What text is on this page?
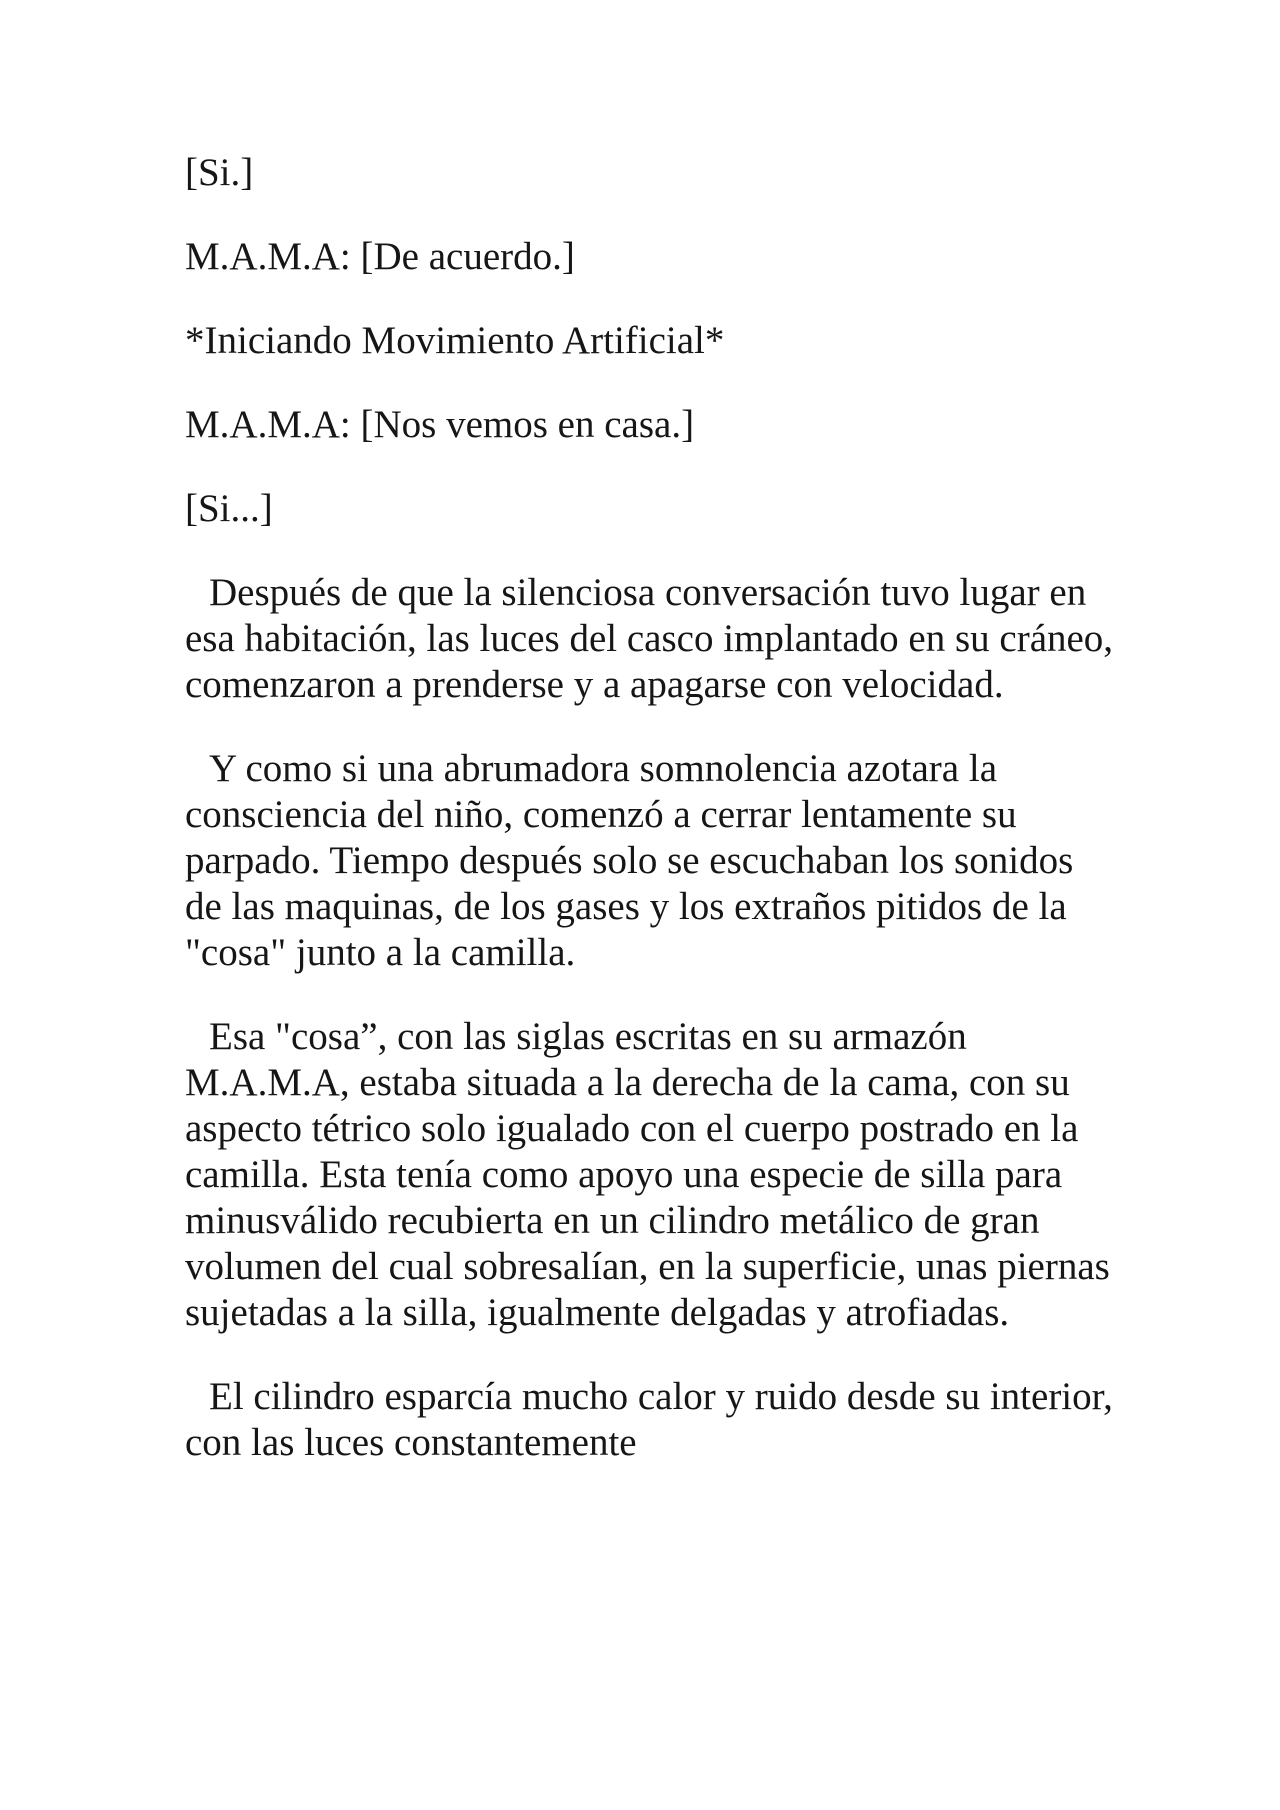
[Si.]

M.A.M.A: [De acuerdo.]

*Iniciando Movimiento Artificial*

M.A.M.A: [Nos vemos en casa.]

[Si...]

Después de que la silenciosa conversación tuvo lugar en esa habitación, las luces del casco implantado en su cráneo, comenzaron a prenderse y a apagarse con velocidad.

Y como si una abrumadora somnolencia azotara la consciencia del niño, comenzó a cerrar lentamente su parpado. Tiempo después solo se escuchaban los sonidos de las maquinas, de los gases y los extraños pitidos de la "cosa" junto a la camilla.

Esa "cosa”, con las siglas escritas en su armazón M.A.M.A, estaba situada a la derecha de la cama, con su aspecto tétrico solo igualado con el cuerpo postrado en la camilla. Esta tenía como apoyo una especie de silla para minusválido recubierta en un cilindro metálico de gran volumen del cual sobresalían, en la superficie, unas piernas sujetadas a la silla, igualmente delgadas y atrofiadas.

El cilindro esparcía mucho calor y ruido desde su interior, con las luces constantemente
